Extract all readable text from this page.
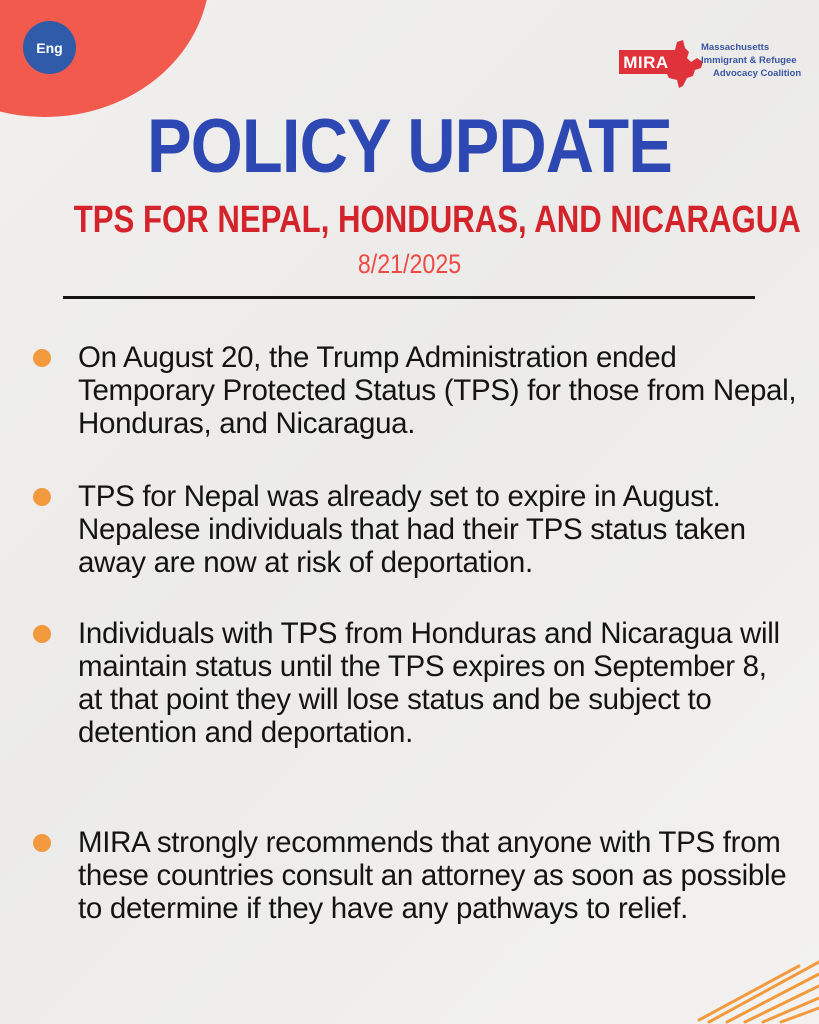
Eng
MIRA
Massachusetts
Immigrant & Refugee
Advocacy Coalition
POLICY UPDATE
TPS FOR NEPAL, HONDURAS, AND NICARAGUA
8/21/2025
On August 20, the Trump Administration ended Temporary Protected Status (TPS) for those from Nepal, Honduras, and Nicaragua.
TPS for Nepal was already set to expire in August. Nepalese individuals that had their TPS status taken away are now at risk of deportation.
Individuals with TPS from Honduras and Nicaragua will maintain status until the TPS expires on September 8, at that point they will lose status and be subject to detention and deportation.
MIRA strongly recommends that anyone with TPS from these countries consult an attorney as soon as possible to determine if they have any pathways to relief.
